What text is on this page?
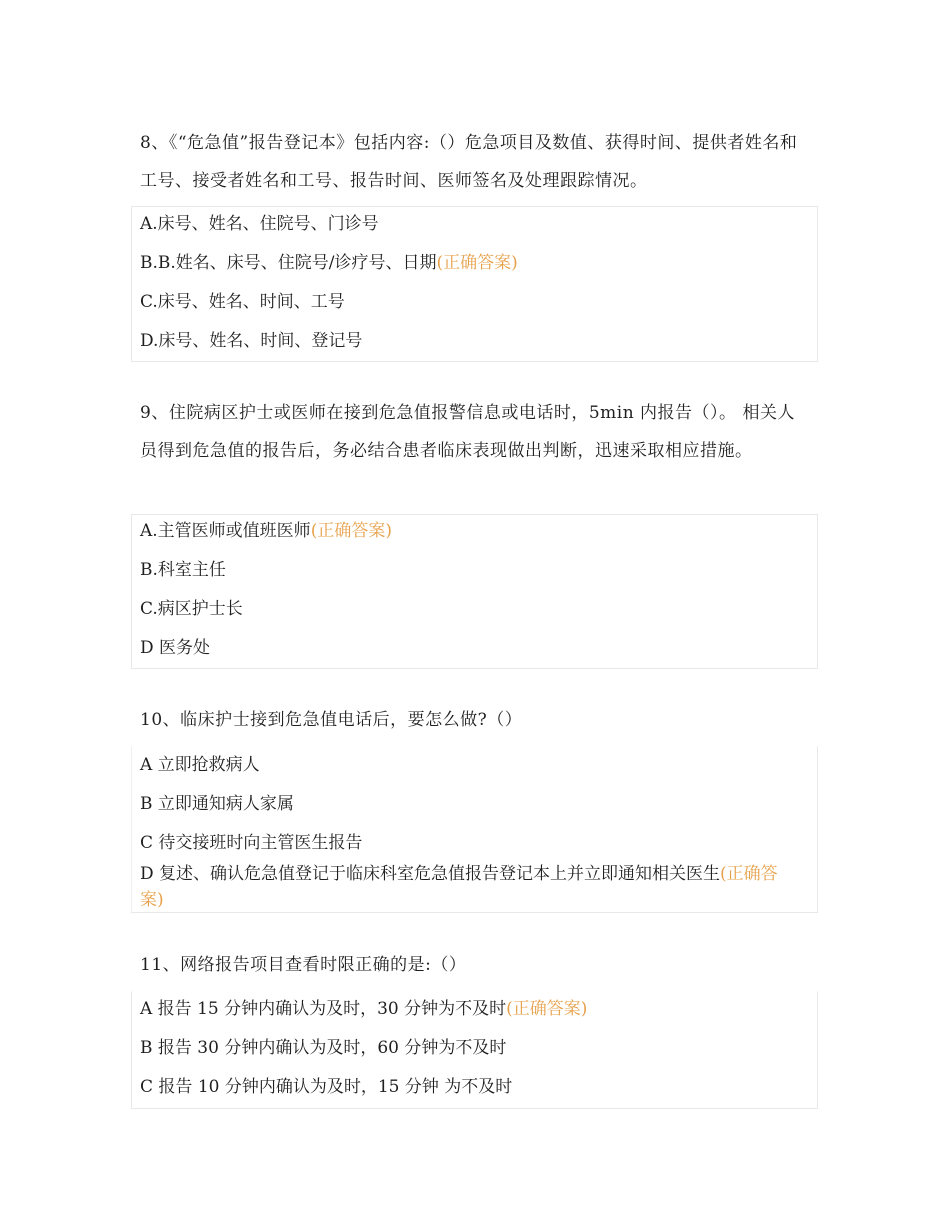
8、《“危急值”报告登记本》包括内容:（）危急项目及数值、获得时间、提供者姓名和工号、接受者姓名和工号、报告时间、医师签名及处理跟踪情况。
A.床号、姓名、住院号、门诊号
B.B.姓名、床号、住院号/诊疗号、日期(正确答案)
C.床号、姓名、时间、工号
D.床号、姓名、时间、登记号
9、住院病区护士或医师在接到危急值报警信息或电话时，5min 内报告（）。 相关人员得到危急值的报告后，务必结合患者临床表现做出判断，迅速采取相应措施。
A.主管医师或值班医师(正确答案)
B.科室主任
C.病区护士长
D 医务处
10、临床护士接到危急值电话后，要怎么做?（）
A 立即抢救病人
B 立即通知病人家属
C 待交接班时向主管医生报告
D 复述、确认危急值登记于临床科室危急值报告登记本上并立即通知相关医生(正确答案)
11、网络报告项目查看时限正确的是:（）
A 报告 15 分钟内确认为及时，30 分钟为不及时(正确答案)
B 报告 30 分钟内确认为及时，60 分钟为不及时
C 报告 10 分钟内确认为及时，15 分钟 为不及时
